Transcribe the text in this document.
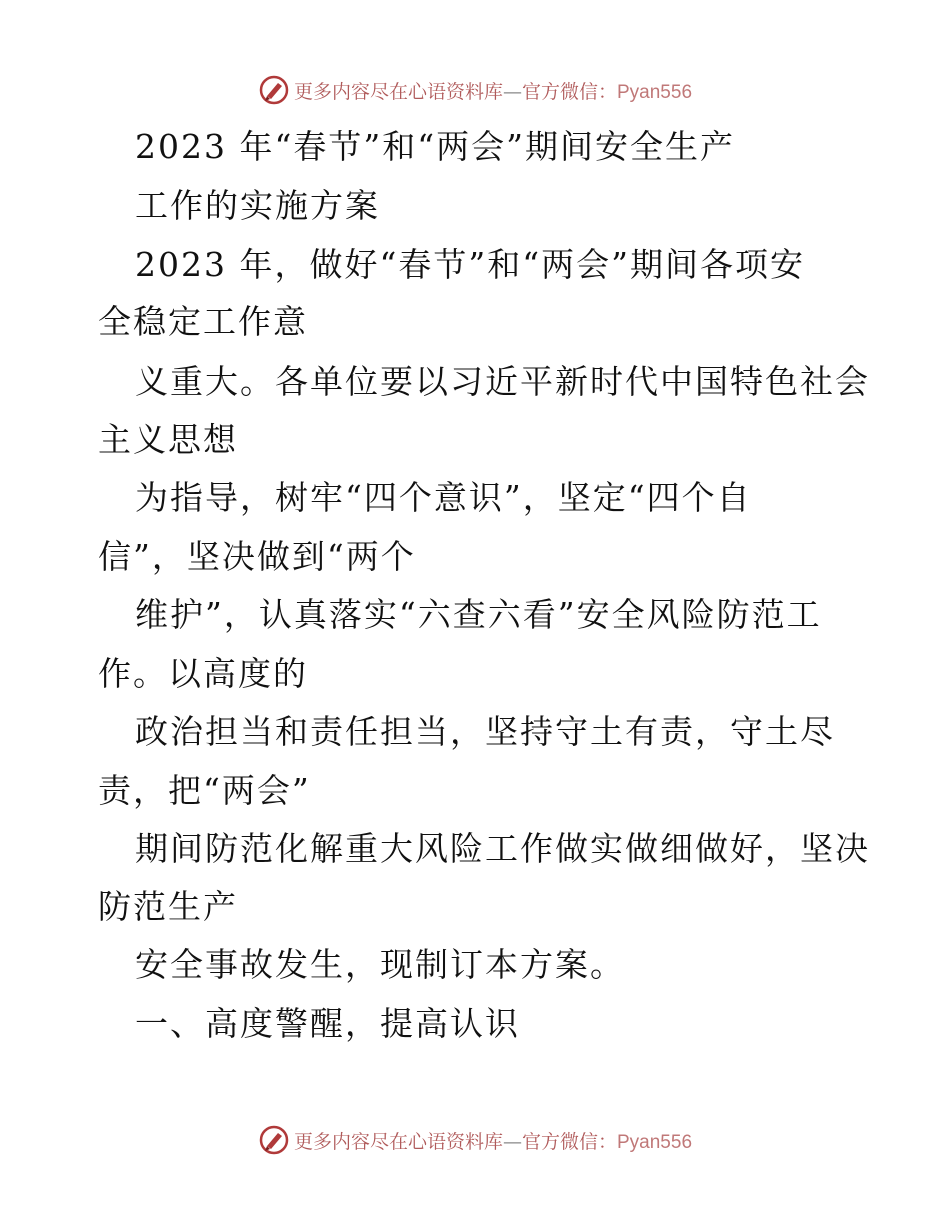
更多内容尽在心语资料库—官方微信：Pyan556
2023 年“春节”和“两会”期间安全生产
工作的实施方案
2023 年，做好“春节”和“两会”期间各项安
全稳定工作意
义重大。各单位要以习近平新时代中国特色社会
主义思想
为指导，树牢“四个意识”，坚定“四个自
信”，坚决做到“两个
维护”，认真落实“六查六看”安全风险防范工
作。以高度的
政治担当和责任担当，坚持守土有责，守土尽
责，把“两会”
期间防范化解重大风险工作做实做细做好，坚决
防范生产
安全事故发生，现制订本方案。
一、高度警醒，提高认识
更多内容尽在心语资料库—官方微信：Pyan556
